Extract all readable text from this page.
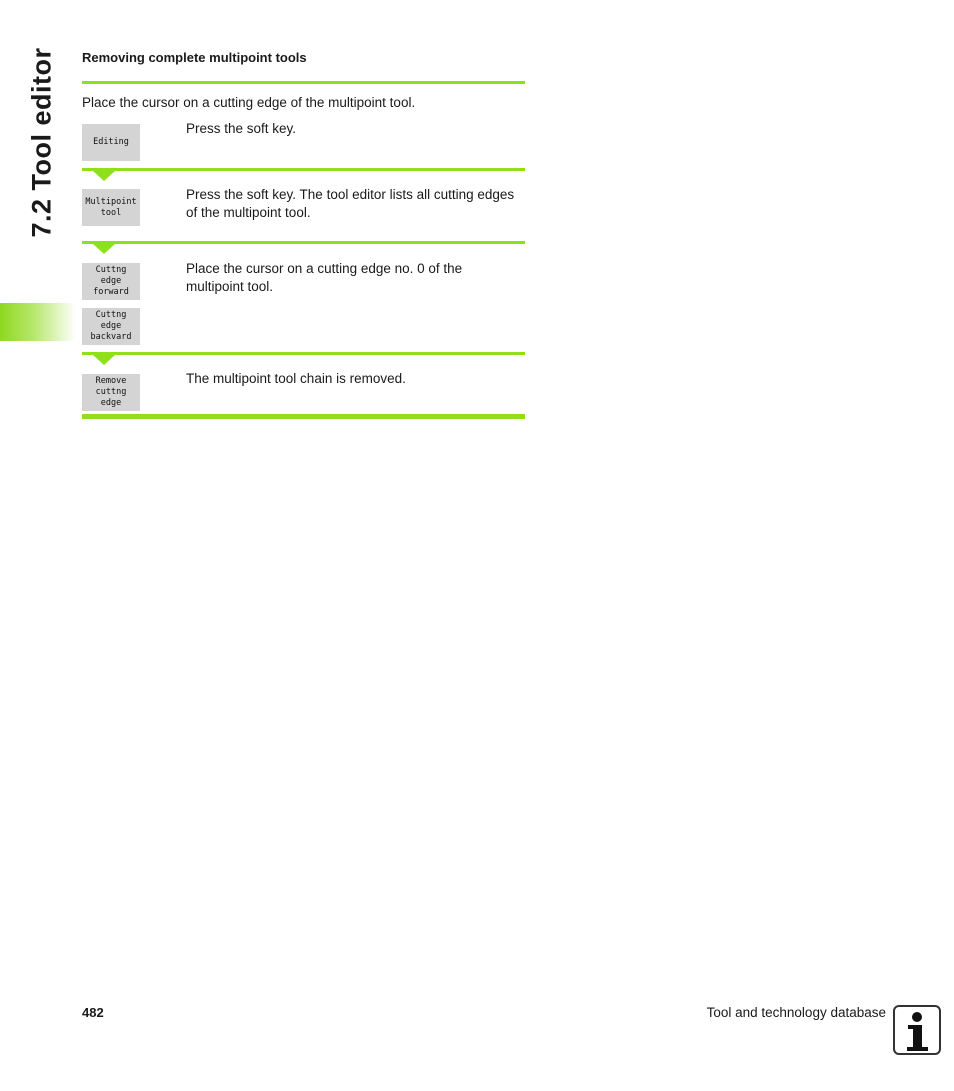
7.2 Tool editor Removing complete multipoint tools
Place the cursor on a cutting edge of the multipoint tool.
Editing
Press the soft key.
Multipoint
tool
Press the soft key. The tool editor lists all cutting edges of the multipoint tool.
Cuttng edge
forward
Cuttng edge
backvard
Place the cursor on a cutting edge no. 0 of the multipoint tool.
Remove
cuttng edge
The multipoint tool chain is removed.
482	Tool and technology database
